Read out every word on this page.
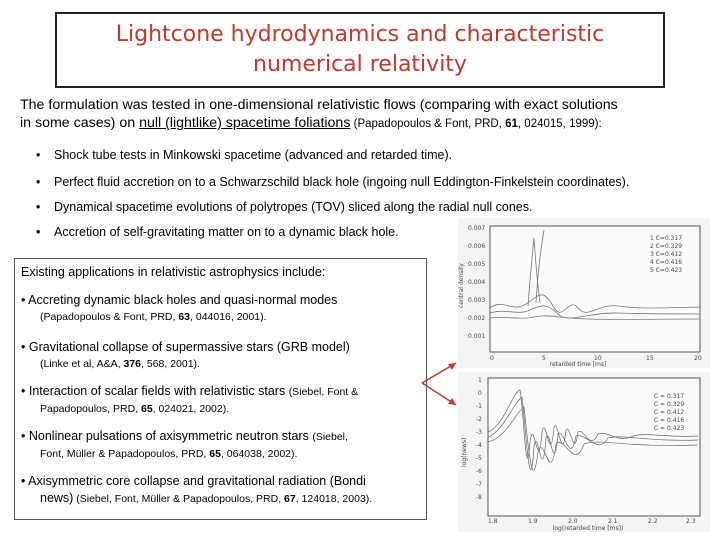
Lightcone hydrodynamics and characteristic
numerical relativity
The formulation was tested in one-dimensional relativistic flows (comparing with exact solutions
in some cases) on null (lightlike) spacetime foliations (Papadopoulos & Font, PRD, 61, 024015, 1999):
• Shock tube tests in Minkowski spacetime (advanced and retarded time).
• Perfect fluid accretion on to a Schwarzschild black hole (ingoing null Eddington-Finkelstein coordinates).
• Dynamical spacetime evolutions of polytropes (TOV) sliced along the radial null cones.
• Accretion of self-gravitating matter on to a dynamic black hole.
Existing applications in relativistic astrophysics include:
• Accreting dynamic black holes and quasi-normal modes
(Papadopoulos & Font, PRD, 63, 044016, 2001).
• Gravitational collapse of supermassive stars (GRB model)
(Linke et al, A&A, 376, 568, 2001).
• Interaction of scalar fields with relativistic stars (Siebel, Font &
Papadopoulos, PRD, 65, 024021, 2002).
• Nonlinear pulsations of axisymmetric neutron stars (Siebel,
Font, Müller & Papadopoulos, PRD, 65, 064038, 2002).
• Axisymmetric core collapse and gravitational radiation (Bondi
news) (Siebel, Font, Müller & Papadopoulos, PRD, 67, 124018, 2003).
0.007
0.006
0.005
0.004
0.003
0.002
0.001
0	5	10	15	20
retarded time [ms]
central density
1 C=0.317
2 C=0.329
3 C=0.412
4 C=0.416
5 C=0.423
1
0
-1
-2
-3
-4
-5
-6
-7
-8
1.8	1.9	2.0	2.1	2.2	2.3
log(retarded time [ms])
log(news)
C = 0.317
C = 0.329
C = 0.412
C = 0.416
C = 0.423
